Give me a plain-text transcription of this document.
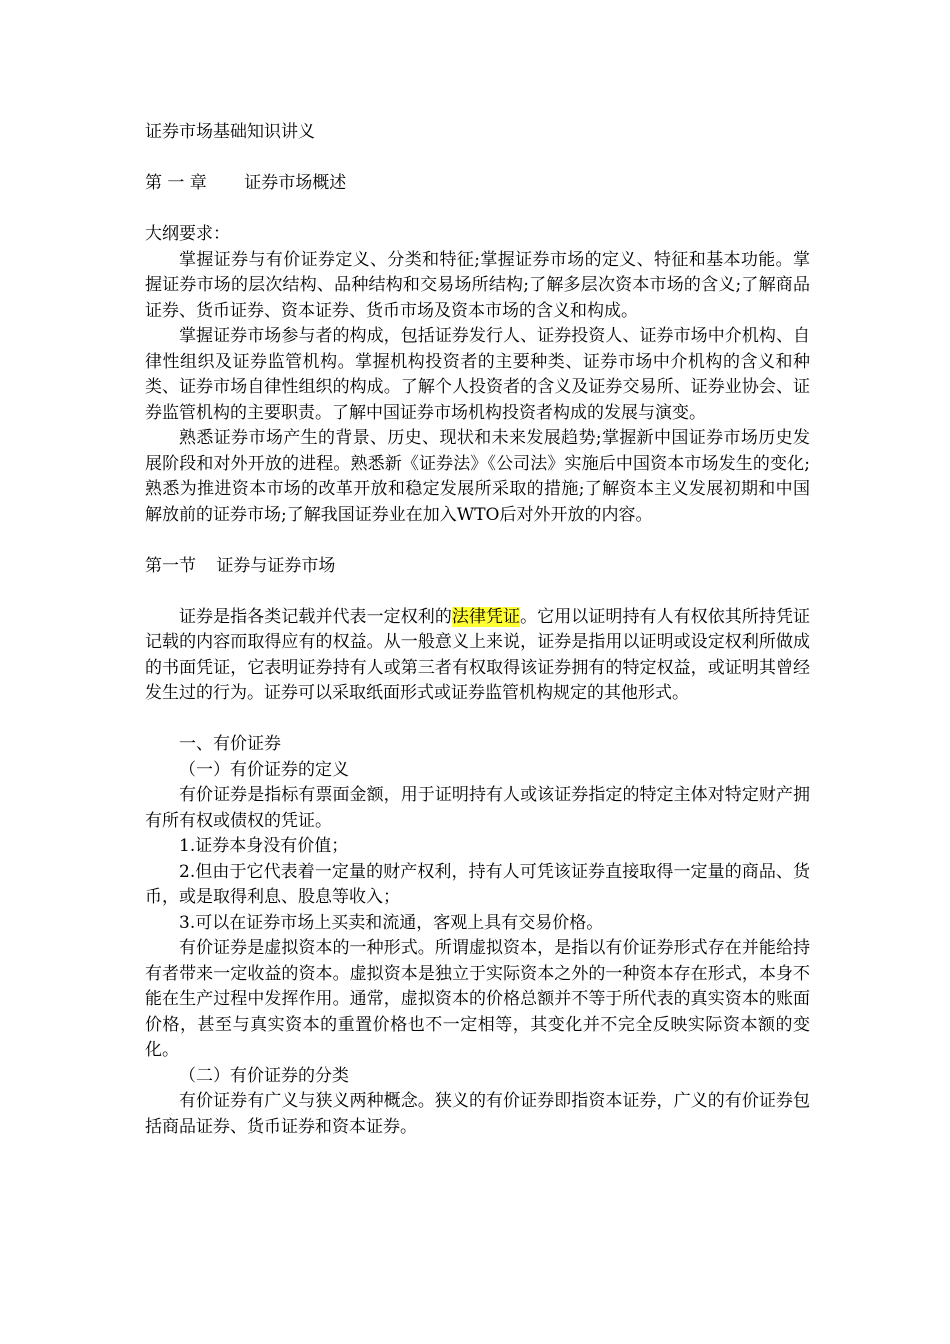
证券市场基础知识讲义
第 一 章 证券市场概述
大纲要求：

掌握证券与有价证券定义、分类和特征;掌握证券市场的定义、特征和基本功能。掌握证券市场的层次结构、品种结构和交易场所结构;了解多层次资本市场的含义;了解商品证券、货币证券、资本证券、货币市场及资本市场的含义和构成。

掌握证券市场参与者的构成，包括证券发行人、证券投资人、证券市场中介机构、自律性组织及证券监管机构。掌握机构投资者的主要种类、证券市场中介机构的含义和种类、证券市场自律性组织的构成。了解个人投资者的含义及证券交易所、证券业协会、证券监管机构的主要职责。了解中国证券市场机构投资者构成的发展与演变。

熟悉证券市场产生的背景、历史、现状和未来发展趋势;掌握新中国证券市场历史发展阶段和对外开放的进程。熟悉新《证券法》《公司法》实施后中国资本市场发生的变化;熟悉为推进资本市场的改革开放和稳定发展所采取的措施;了解资本主义发展初期和中国解放前的证券市场;了解我国证券业在加入WTO后对外开放的内容。

第一节 证券与证券市场

证券是指各类记载并代表一定权利的法律凭证。它用以证明持有人有权依其所持凭证记载的内容而取得应有的权益。从一般意义上来说，证券是指用以证明或设定权利所做成的书面凭证，它表明证券持有人或第三者有权取得该证券拥有的特定权益，或证明其曾经发生过的行为。证券可以采取纸面形式或证券监管机构规定的其他形式。

一、有价证券
（一）有价证券的定义

有价证券是指标有票面金额，用于证明持有人或该证券指定的特定主体对特定财产拥有所有权或债权的凭证。

1.证券本身没有价值；

2.但由于它代表着一定量的财产权利，持有人可凭该证券直接取得一定量的商品、货币，或是取得利息、股息等收入；

3.可以在证券市场上买卖和流通，客观上具有交易价格。

有价证券是虚拟资本的一种形式。所谓虚拟资本，是指以有价证券形式存在并能给持有者带来一定收益的资本。虚拟资本是独立于实际资本之外的一种资本存在形式，本身不能在生产过程中发挥作用。通常，虚拟资本的价格总额并不等于所代表的真实资本的账面价格，甚至与真实资本的重置价格也不一定相等，其变化并不完全反映实际资本额的变化。

（二）有价证券的分类

有价证券有广义与狭义两种概念。狭义的有价证券即指资本证券，广义的有价证券包括商品证券、货币证券和资本证券。
